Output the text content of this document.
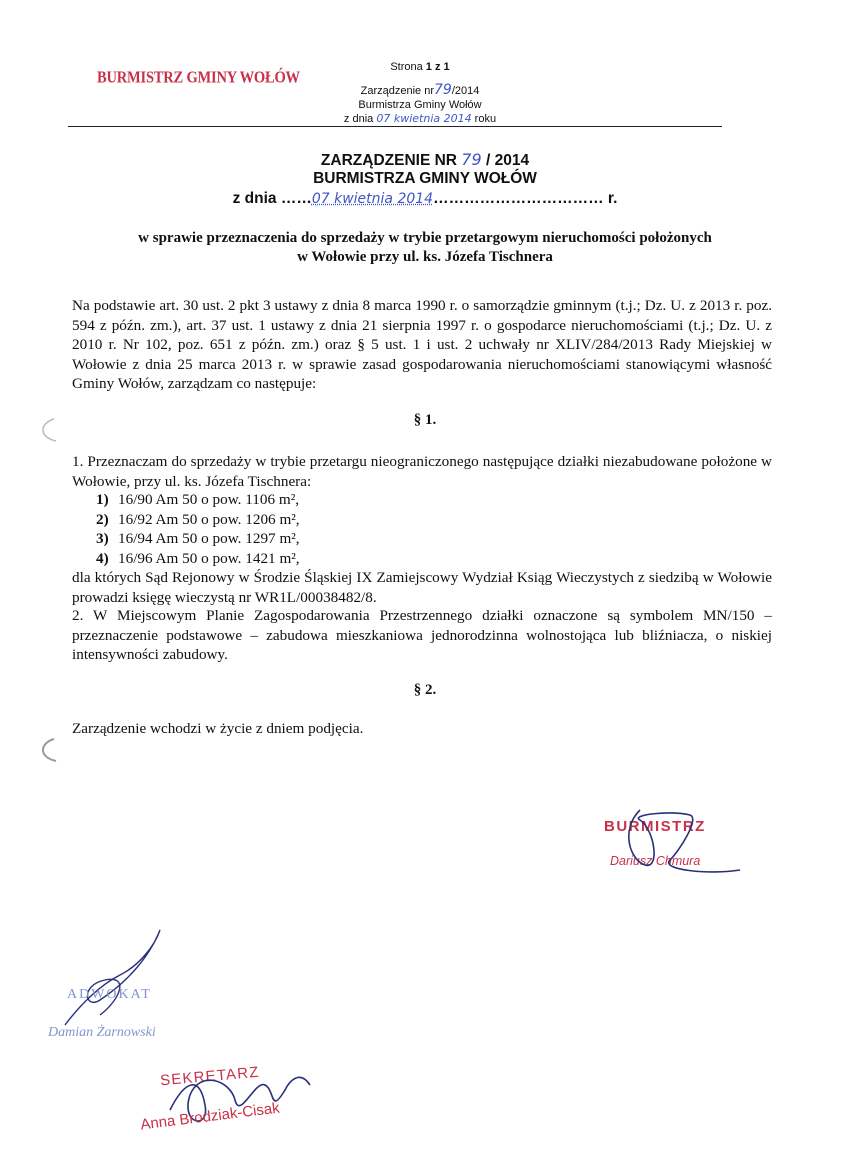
BURMISTRZ GMINY WOŁÓW
Strona 1 z 1
Zarządzenie nr79/2014
Burmistrza Gminy Wołów
z dnia 07 kwietnia 2014 roku
ZARZĄDZENIE NR 79 / 2014
BURMISTRZA GMINY WOŁÓW
z dnia ……07 kwietnia 2014…………………………… r.
w sprawie przeznaczenia do sprzedaży w trybie przetargowym nieruchomości położonych
w Wołowie przy ul. ks. Józefa Tischnera
Na podstawie art. 30 ust. 2 pkt 3 ustawy z dnia 8 marca 1990 r. o samorządzie gminnym (t.j.; Dz. U. z 2013 r. poz. 594 z późn. zm.), art. 37 ust. 1 ustawy z dnia 21 sierpnia 1997 r. o gospodarce nieruchomościami (t.j.; Dz. U. z 2010 r. Nr 102, poz. 651 z późn. zm.) oraz § 5 ust. 1 i ust. 2 uchwały nr XLIV/284/2013 Rady Miejskiej w Wołowie z dnia 25 marca 2013 r. w sprawie zasad gospodarowania nieruchomościami stanowiącymi własność Gminy Wołów, zarządzam co następuje:
§ 1.
1. Przeznaczam do sprzedaży w trybie przetargu nieograniczonego następujące działki niezabudowane położone w Wołowie, przy ul. ks. Józefa Tischnera:
1) 16/90 Am 50 o pow. 1106 m²,
2) 16/92 Am 50 o pow. 1206 m²,
3) 16/94 Am 50 o pow. 1297 m²,
4) 16/96 Am 50 o pow. 1421 m²,
dla których Sąd Rejonowy w Środzie Śląskiej IX Zamiejscowy Wydział Ksiąg Wieczystych z siedzibą w Wołowie prowadzi księgę wieczystą nr WR1L/00038482/8.
2. W Miejscowym Planie Zagospodarowania Przestrzennego działki oznaczone są symbolem MN/150 – przeznaczenie podstawowe – zabudowa mieszkaniowa jednorodzinna wolnostojąca lub bliźniacza, o niskiej intensywności zabudowy.
§ 2.
Zarządzenie wchodzi w życie z dniem podjęcia.
BURMISTRZ
Dariusz Chmura
ADWOKAT
Damian Żarnowski
SEKRETARZ
Anna Brodziak-Cisak
